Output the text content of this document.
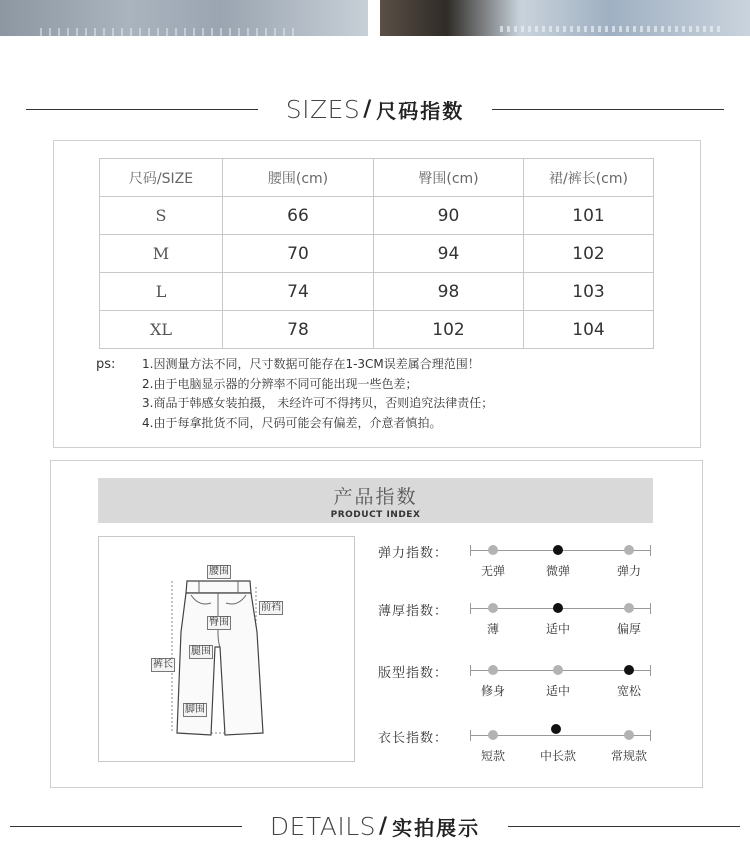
SIZES / 尺码指数
尺码/SIZE	腰围(cm)	臀围(cm)	裙/裤长(cm)
S	66	90	101
M	70	94	102
L	74	98	103
XL	78	102	104
ps: 1.因测量方法不同，尺寸数据可能存在1-3CM误差属合理范围！
2.由于电脑显示器的分辨率不同可能出现一些色差；
3.商品于韩感女装拍摄， 未经许可不得拷贝，否则追究法律责任；
4.由于每拿批货不同，尺码可能会有偏差，介意者慎拍。
产品指数
PRODUCT INDEX
腰围
前裆
臀围
腿围
裤长
脚围
弹力指数：
无弹	微弹	弹力
薄厚指数：
薄	适中	偏厚
版型指数：
修身	适中	宽松
衣长指数：
短款	中长款	常规款
DETAILS / 实拍展示
